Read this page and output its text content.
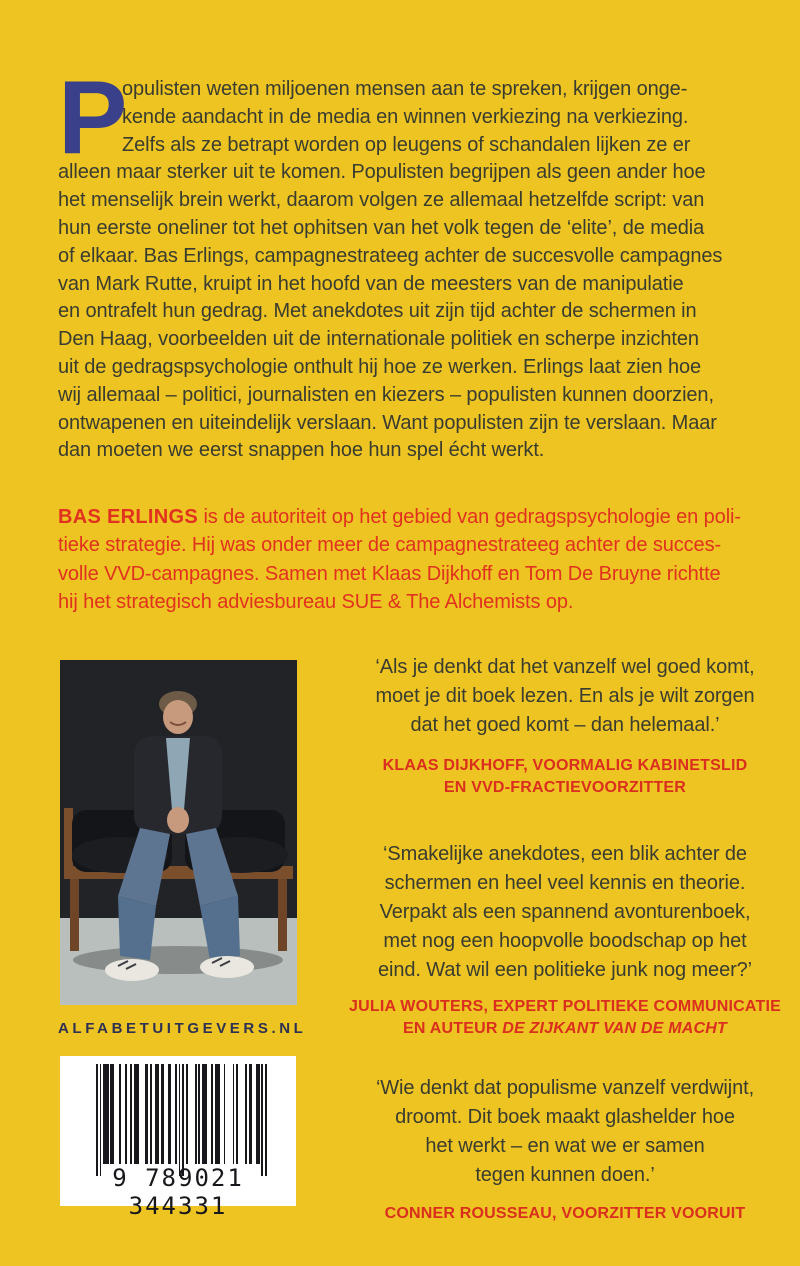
P
opulisten weten miljoenen mensen aan te spreken, krijgen onge-
kende aandacht in de media en winnen verkiezing na verkiezing.
Zelfs als ze betrapt worden op leugens of schandalen lijken ze er
alleen maar sterker uit te komen. Populisten begrijpen als geen ander hoe
het menselijk brein werkt, daarom volgen ze allemaal hetzelfde script: van
hun eerste oneliner tot het ophitsen van het volk tegen de ‘elite’, de media
of elkaar. Bas Erlings, campagnestrateeg achter de succesvolle campagnes
van Mark Rutte, kruipt in het hoofd van de meesters van de manipulatie
en ontrafelt hun gedrag. Met anekdotes uit zijn tijd achter de schermen in
Den Haag, voorbeelden uit de internationale politiek en scherpe inzichten
uit de gedragspsychologie onthult hij hoe ze werken. Erlings laat zien hoe
wij allemaal – politici, journalisten en kiezers – populisten kunnen doorzien,
ontwapenen en uiteindelijk verslaan. Want populisten zijn te verslaan. Maar
dan moeten we eerst snappen hoe hun spel écht werkt.
BAS ERLINGS is de autoriteit op het gebied van gedragspsychologie en poli-
tieke strategie. Hij was onder meer de campagnestrateeg achter de succes-
volle VVD-campagnes. Samen met Klaas Dijkhoff en Tom De Bruyne richtte
hij het strategisch adviesbureau SUE & The Alchemists op.
ALFABETUITGEVERS.NL
9 789021 344331
‘Als je denkt dat het vanzelf wel goed komt,
moet je dit boek lezen. En als je wilt zorgen
dat het goed komt – dan helemaal.’
KLAAS DIJKHOFF, VOORMALIG KABINETSLID
EN VVD-FRACTIEVOORZITTER
‘Smakelijke anekdotes, een blik achter de
schermen en heel veel kennis en theorie.
Verpakt als een spannend avonturenboek,
met nog een hoopvolle boodschap op het
eind. Wat wil een politieke junk nog meer?’
JULIA WOUTERS, EXPERT POLITIEKE COMMUNICATIE
EN AUTEUR DE ZIJKANT VAN DE MACHT
‘Wie denkt dat populisme vanzelf verdwijnt,
droomt. Dit boek maakt glashelder hoe
het werkt – en wat we er samen
tegen kunnen doen.’
CONNER ROUSSEAU, VOORZITTER VOORUIT
